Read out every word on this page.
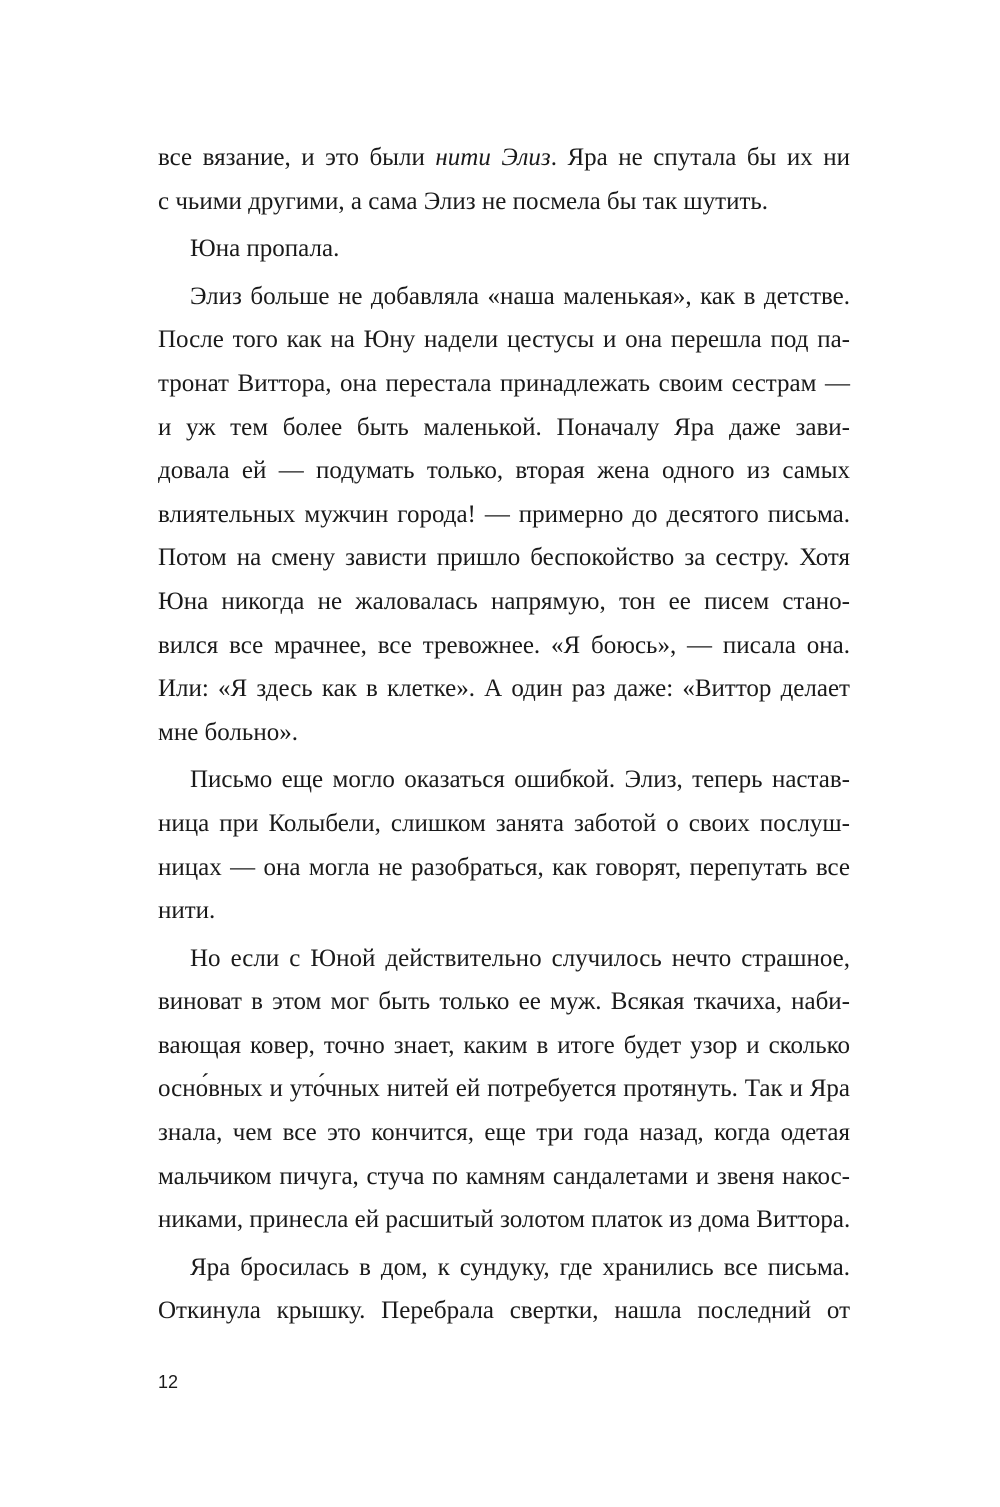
все вязание, и это были нити Элиз. Яра не спутала бы их ни
с чьими другими, а сама Элиз не посмела бы так шутить.
Юна пропала.
Элиз больше не добавляла «наша маленькая», как в детстве.
После того как на Юну надели цестусы и она перешла под па-
тронат Виттора, она перестала принадлежать своим сестрам —
и уж тем более быть маленькой. Поначалу Яра даже зави-
довала ей — подумать только, вторая жена одного из самых
влиятельных мужчин города! — примерно до десятого письма.
Потом на смену зависти пришло беспокойство за сестру. Хотя
Юна никогда не жаловалась напрямую, тон ее писем стано-
вился все мрачнее, все тревожнее. «Я боюсь», — писала она.
Или: «Я здесь как в клетке». А один раз даже: «Виттор делает
мне больно».
Письмо еще могло оказаться ошибкой. Элиз, теперь настав-
ница при Колыбели, слишком занята заботой о своих послуш-
ницах — она могла не разобраться, как говорят, перепутать все
нити.
Но если с Юной действительно случилось нечто страшное,
виноват в этом мог быть только ее муж. Всякая ткачиха, наби-
вающая ковер, точно знает, каким в итоге будет узор и сколько
осно́вных и уто́чных нитей ей потребуется протянуть. Так и Яра
знала, чем все это кончится, еще три года назад, когда одетая
мальчиком пичуга, стуча по камням сандалетами и звеня накос-
никами, принесла ей расшитый золотом платок из дома Виттора.
Яра бросилась в дом, к сундуку, где хранились все письма.
Откинула крышку. Перебрала свертки, нашла последний от
12
